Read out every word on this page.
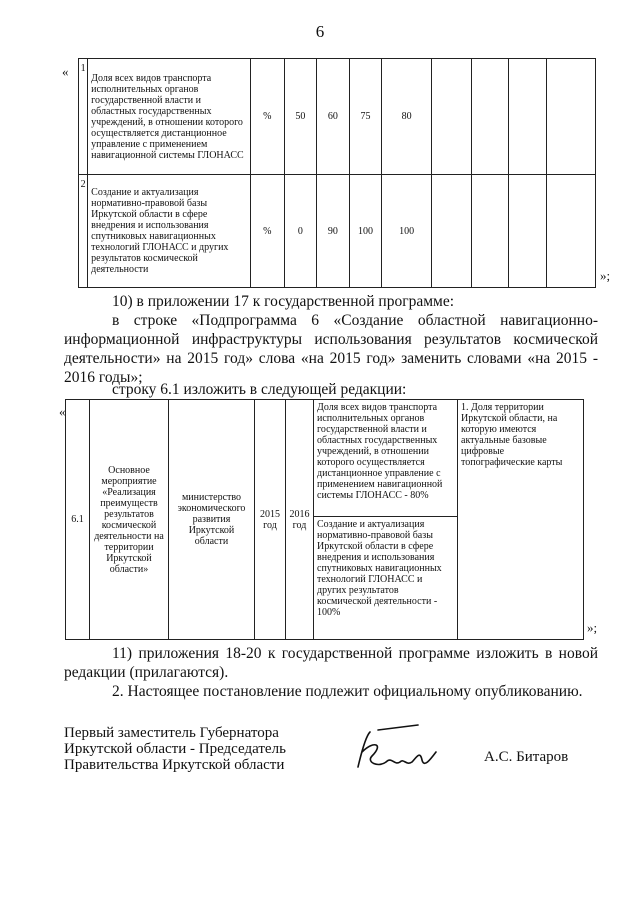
6
« 1	Доля всех видов транспорта исполнительных органов государственной власти и областных государственных учреждений, в отношении которого осуществляется дистанционное управление с применением навигационной системы ГЛОНАСС	%	50	60	75	80				
2	Создание и актуализация нормативно-правовой базы Иркутской области в сфере внедрения и использования спутниковых навигационных технологий ГЛОНАСС и других результатов космической деятельности	%	0	90	100	100				
»;
10) в приложении 17 к государственной программе:
в строке «Подпрограмма 6 «Создание областной навигационно-информационной инфраструктуры использования результатов космической деятельности» на 2015 год» слова «на 2015 год» заменить словами «на 2015 - 2016 годы»;
строку 6.1 изложить в следующей редакции:
«
6.1	Основное мероприятие «Реализация преимуществ результатов космической деятельности на территории Иркутской области»	министерство экономического развития Иркутской области	2015 год	2016 год	Доля всех видов транспорта исполнительных органов государственной власти и областных государственных учреждений, в отношении которого осуществляется дистанционное управление с применением навигационной системы ГЛОНАСС - 80%	1. Доля территории Иркутской области, на которую имеются актуальные базовые цифровые топографические карты
Создание и актуализация нормативно-правовой базы Иркутской области в сфере внедрения и использования спутниковых навигационных технологий ГЛОНАСС и других результатов космической деятельности - 100%
»;
11) приложения 18-20 к государственной программе изложить в новой редакции (прилагаются).
2. Настоящее постановление подлежит официальному опубликованию.
Первый заместитель Губернатора
Иркутской области - Председатель
Правительства Иркутской области	А.С. Битаров
